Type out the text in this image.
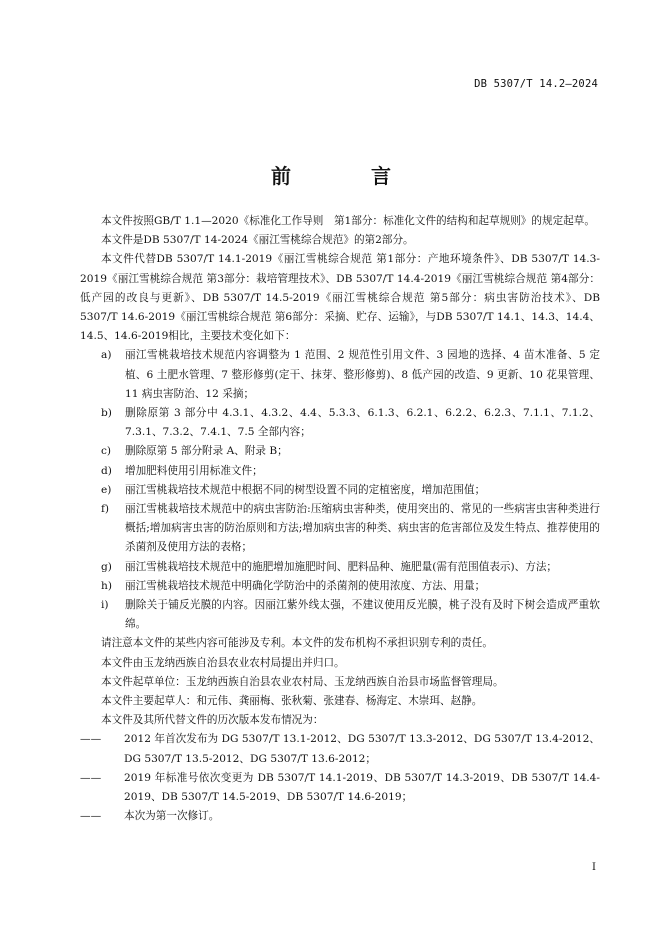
DB 5307/T 14.2—2024
前　言

本文件按照GB/T 1.1—2020《标准化工作导则　第1部分：标准化文件的结构和起草规则》的规定起草。

本文件是DB 5307/T 14-2024《丽江雪桃综合规范》的第2部分。

本文件代替DB 5307/T 14.1-2019《丽江雪桃综合规范 第1部分：产地环境条件》、DB 5307/T 14.3-2019《丽江雪桃综合规范 第3部分：栽培管理技术》、DB 5307/T 14.4-2019《丽江雪桃综合规范 第4部分：低产园的改良与更新》、DB 5307/T 14.5-2019《丽江雪桃综合规范 第5部分：病虫害防治技术》、DB 5307/T 14.6-2019《丽江雪桃综合规范 第6部分：采摘、贮存、运输》，与DB 5307/T 14.1、14.3、14.4、14.5、14.6-2019相比，主要技术变化如下：

a)	丽江雪桃栽培技术规范内容调整为 1 范围、2 规范性引用文件、3 园地的选择、4 苗木准备、5 定植、6 土肥水管理、7 整形修剪(定干、抹芽、整形修剪)、8 低产园的改造、9 更新、10 花果管理、11 病虫害防治、12 采摘；
b)	删除原第 3 部分中 4.3.1、4.3.2、4.4、5.3.3、6.1.3、6.2.1、6.2.2、6.2.3、7.1.1、7.1.2、7.3.1、7.3.2、7.4.1、7.5 全部内容；
c)	删除原第 5 部分附录 A、附录 B；
d)	增加肥料使用引用标准文件；
e)	丽江雪桃栽培技术规范中根据不同的树型设置不同的定植密度，增加范围值；
f)	丽江雪桃栽培技术规范中的病虫害防治:压缩病虫害种类，使用突出的、常见的一些病害虫害种类进行概括;增加病害虫害的防治原则和方法;增加病虫害的种类、病虫害的危害部位及发生特点、推荐使用的杀菌剂及使用方法的表格；
g)	丽江雪桃栽培技术规范中的施肥增加施肥时间、肥料品种、施肥量(需有范围值表示)、方法；
h)	丽江雪桃栽培技术规范中明确化学防治中的杀菌剂的使用浓度、方法、用量；
i)	删除关于铺反光膜的内容。因丽江紫外线太强，不建议使用反光膜，桃子没有及时下树会造成严重软绵。

请注意本文件的某些内容可能涉及专利。本文件的发布机构不承担识别专利的责任。

本文件由玉龙纳西族自治县农业农村局提出并归口。

本文件起草单位：玉龙纳西族自治县农业农村局、玉龙纳西族自治县市场监督管理局。

本文件主要起草人：和元伟、龚丽梅、张秋菊、张建春、杨海定、木崇珥、赵静。

本文件及其所代替文件的历次版本发布情况为：

——	2012 年首次发布为 DG 5307/T 13.1-2012、DG 5307/T 13.3-2012、DG 5307/T 13.4-2012、DG 5307/T 13.5-2012、DG 5307/T 13.6-2012；
——	2019 年标准号依次变更为 DB 5307/T 14.1-2019、DB 5307/T 14.3-2019、DB 5307/T 14.4-2019、DB 5307/T 14.5-2019、DB 5307/T 14.6-2019；
——	本次为第一次修订。
I
